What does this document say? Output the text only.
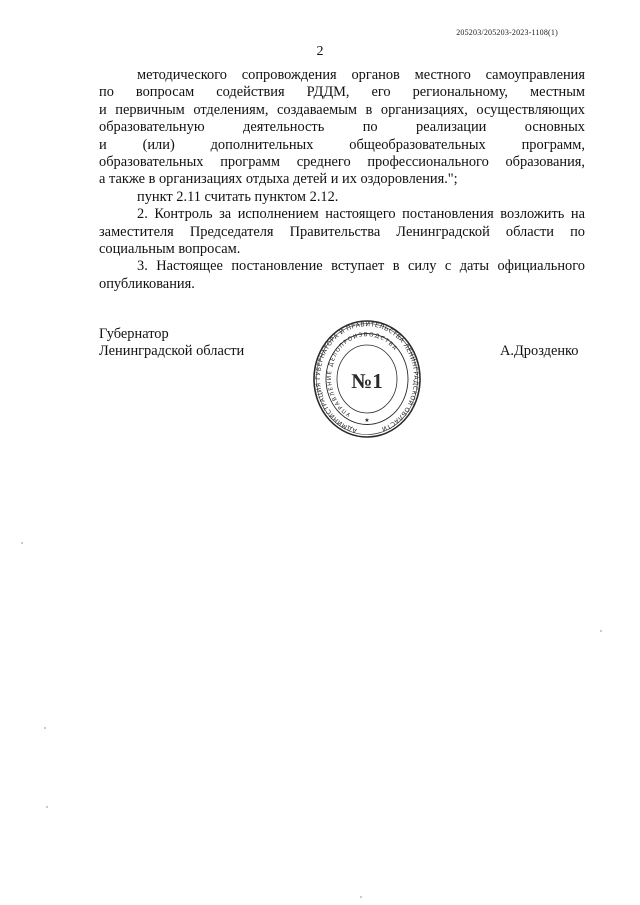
205203/205203-2023-1108(1)
2

методического сопровождения органов местного самоуправления
по вопросам содействия РДДМ, его региональному, местным
и первичным отделениям, создаваемым в организациях, осуществляющих
образовательную деятельность по реализации основных
и (или) дополнительных общеобразовательных программ,
образовательных программ среднего профессионального образования,
а также в организациях отдыха детей и их оздоровления.";

пункт 2.11 считать пунктом 2.12.

2. Контроль за исполнением настоящего постановления возложить на заместителя Председателя Правительства Ленинградской области по социальным вопросам.

3. Настоящее постановление вступает в силу с даты официального опубликования.

Губернатор
Ленинградской области
АДМИНИСТРАЦИЯ ГУБЕРНАТОРА И ПРАВИТЕЛЬСТВА ЛЕНИНГРАДСКОЙ ОБЛАСТИ
УПРАВЛЕНИЕ ДЕЛОПРОИЗВОДСТВА
№1
★
А.Дрозденко
